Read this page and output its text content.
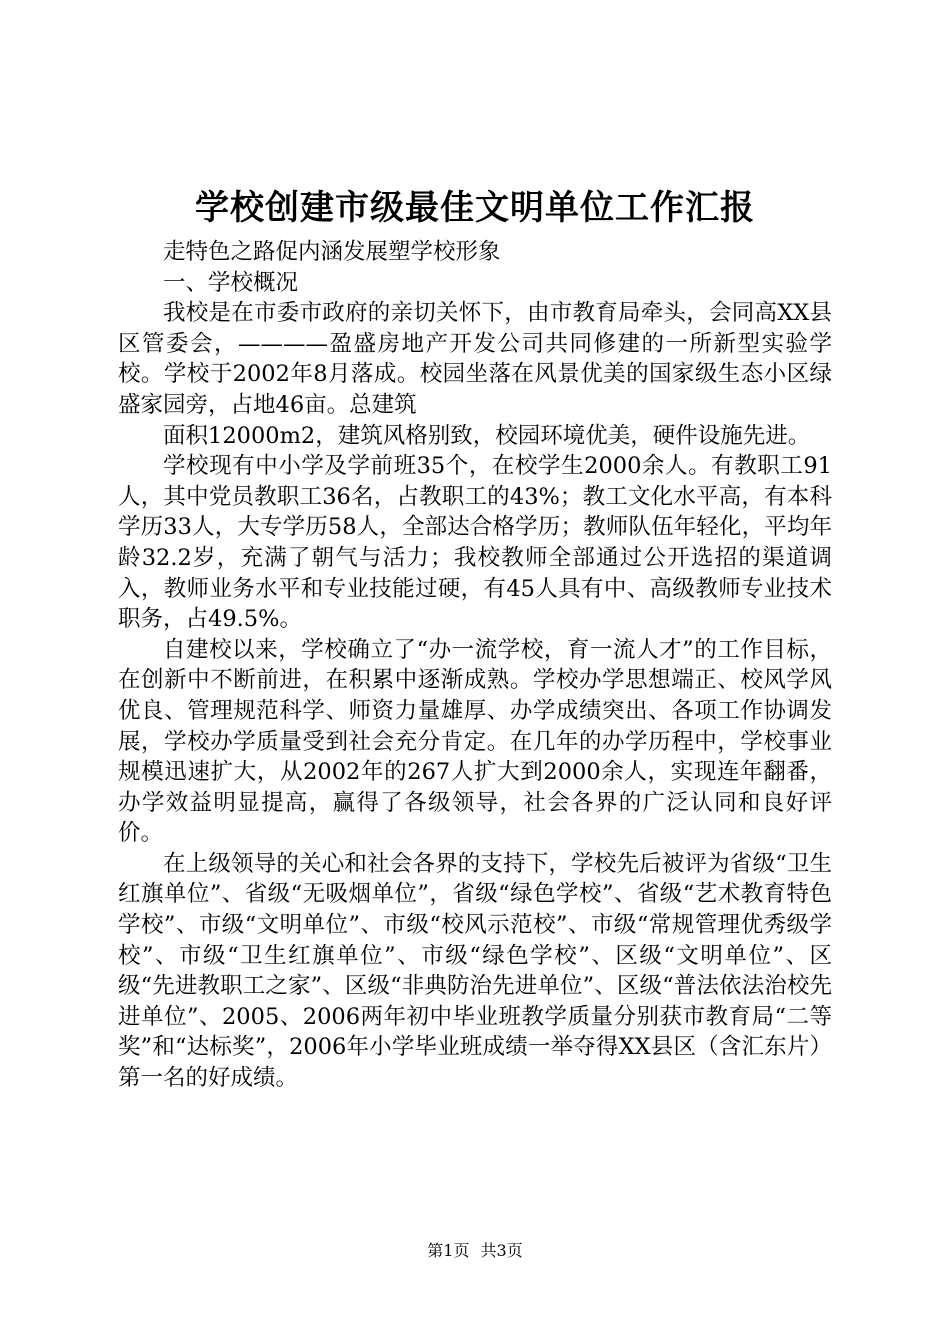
学校创建市级最佳文明单位工作汇报

走特色之路促内涵发展塑学校形象

一、学校概况

我校是在市委市政府的亲切关怀下，由市教育局牵头，会同高XX县区管委会，————盈盛房地产开发公司共同修建的一所新型实验学校。学校于2002年8月落成。校园坐落在风景优美的国家级生态小区绿盛家园旁，占地46亩。总建筑

面积12000m2，建筑风格别致，校园环境优美，硬件设施先进。

学校现有中小学及学前班35个，在校学生2000余人。有教职工91人，其中党员教职工36名，占教职工的43%；教工文化水平高，有本科学历33人，大专学历58人，全部达合格学历；教师队伍年轻化，平均年龄32.2岁，充满了朝气与活力；我校教师全部通过公开选招的渠道调入，教师业务水平和专业技能过硬，有45人具有中、高级教师专业技术职务，占49.5%。

自建校以来，学校确立了“办一流学校，育一流人才”的工作目标，在创新中不断前进，在积累中逐渐成熟。学校办学思想端正、校风学风优良、管理规范科学、师资力量雄厚、办学成绩突出、各项工作协调发展，学校办学质量受到社会充分肯定。在几年的办学历程中，学校事业规模迅速扩大，从2002年的267人扩大到2000余人，实现连年翻番，办学效益明显提高，赢得了各级领导，社会各界的广泛认同和良好评价。

在上级领导的关心和社会各界的支持下，学校先后被评为省级“卫生红旗单位”、省级“无吸烟单位”，省级“绿色学校”、省级“艺术教育特色学校”、市级“文明单位”、市级“校风示范校”、市级“常规管理优秀级学校”、市级“卫生红旗单位”、市级“绿色学校”、区级“文明单位”、区级“先进教职工之家”、区级“非典防治先进单位”、区级“普法依法治校先进单位”、2005、2006两年初中毕业班教学质量分别获市教育局“二等奖”和“达标奖”，2006年小学毕业班成绩一举夺得XX县区（含汇东片）第一名的好成绩。

第1页 共3页
